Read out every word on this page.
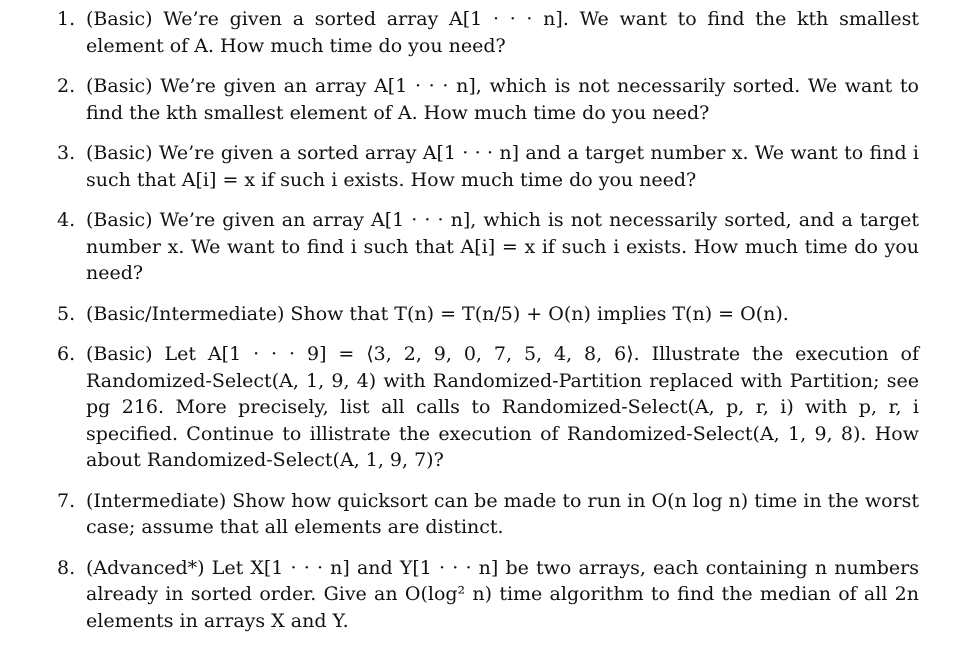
1. (Basic) We’re given a sorted array A[1 · · · n]. We want to find the kth smallest element of A. How much time do you need?
2. (Basic) We’re given an array A[1 · · · n], which is not necessarily sorted. We want to find the kth smallest element of A. How much time do you need?
3. (Basic) We’re given a sorted array A[1 · · · n] and a target number x. We want to find i such that A[i] = x if such i exists. How much time do you need?
4. (Basic) We’re given an array A[1 · · · n], which is not necessarily sorted, and a target number x. We want to find i such that A[i] = x if such i exists. How much time do you need?
5. (Basic/Intermediate) Show that T(n) = T(n/5) + O(n) implies T(n) = O(n).
6. (Basic) Let A[1 · · · 9] = ⟨3, 2, 9, 0, 7, 5, 4, 8, 6⟩. Illustrate the execution of Randomized-Select(A, 1, 9, 4) with Randomized-Partition replaced with Partition; see pg 216. More precisely, list all calls to Randomized-Select(A, p, r, i) with p, r, i specified. Continue to illistrate the execution of Randomized-Select(A, 1, 9, 8). How about Randomized-Select(A, 1, 9, 7)?
7. (Intermediate) Show how quicksort can be made to run in O(n log n) time in the worst case; assume that all elements are distinct.
8. (Advanced*) Let X[1 · · · n] and Y[1 · · · n] be two arrays, each containing n numbers already in sorted order. Give an O(log² n) time algorithm to find the median of all 2n elements in arrays X and Y.
